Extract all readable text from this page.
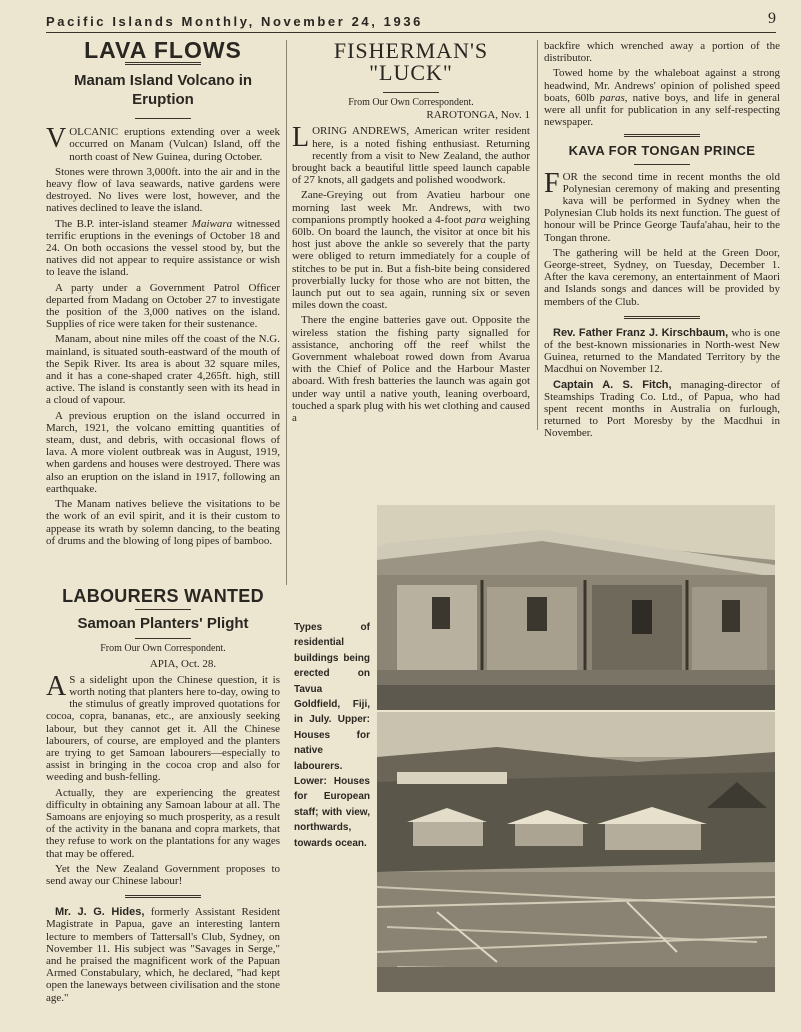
Pacific Islands Monthly, November 24, 1936	9
LAVA FLOWS
Manam Island Volcano in Eruption

VOLCANIC eruptions extending over a week occurred on Manam (Vulcan) Island, off the north coast of New Guinea, during October.

Stones were thrown 3,000ft. into the air and in the heavy flow of lava seawards, native gardens were destroyed. No lives were lost, however, and the natives declined to leave the island.

The B.P. inter-island steamer Maiwara witnessed terrific eruptions in the evenings of October 18 and 24. On both occasions the vessel stood by, but the natives did not appear to require assistance or wish to leave the island.

A party under a Government Patrol Officer departed from Madang on October 27 to investigate the position of the 3,000 natives on the island. Supplies of rice were taken for their sustenance.

Manam, about nine miles off the coast of the N.G. mainland, is situated south-eastward of the mouth of the Sepik River. Its area is about 32 square miles, and it has a cone-shaped crater 4,265ft. high, still active. The island is constantly seen with its head in a cloud of vapour.

A previous eruption on the island occurred in March, 1921, the volcano emitting quantities of steam, dust, and debris, with occasional flows of lava. A more violent outbreak was in August, 1919, when gardens and houses were destroyed. There was also an eruption on the island in 1917, following an earthquake.

The Manam natives believe the visitations to be the work of an evil spirit, and it is their custom to appease its wrath by solemn dancing, to the beating of drums and the blowing of long pipes of bamboo.

LABOURERS WANTED
Samoan Planters' Plight
From Our Own Correspondent.
APIA, Oct. 28.

A S a sidelight upon the Chinese question, it is worth noting that planters here to-day, owing to the stimulus of greatly improved quotations for cocoa, copra, bananas, etc., are anxiously seeking labour, but they cannot get it. All the Chinese labourers, of course, are employed and the planters are trying to get Samoan labourers—especially to assist in bringing in the cocoa crop and also for weeding and bush-felling.

Actually, they are experiencing the greatest difficulty in obtaining any Samoan labour at all. The Samoans are enjoying so much prosperity, as a result of the activity in the banana and copra markets, that they refuse to work on the plantations for any wages that may be offered.

Yet the New Zealand Government proposes to send away our Chinese labour!

Mr. J. G. Hides, formerly Assistant Resident Magistrate in Papua, gave an interesting lantern lecture to members of Tattersall's Club, Sydney, on November 11. His subject was "Savages in Serge," and he praised the magnificent work of the Papuan Armed Constabulary, which, he declared, "had kept open the laneways between civilisation and the stone age."

FISHERMAN'S
"LUCK"
From Our Own Correspondent.
RAROTONGA, Nov. 1

LORING ANDREWS, American writer resident here, is a noted fishing enthusiast. Returning recently from a visit to New Zealand, the author brought back a beautiful little speed launch capable of 27 knots, all gadgets and polished woodwork.

Zane-Greying out from Avatieu harbour one morning last week Mr. Andrews, with two companions promptly hooked a 4-foot para weighing 60lb. On board the launch, the visitor at once bit his host just above the ankle so severely that the party were obliged to return immediately for a couple of stitches to be put in. But a fish-bite being considered proverbially lucky for those who are not bitten, the launch put out to sea again, running six or seven miles down the coast.

There the engine batteries gave out. Opposite the wireless station the fishing party signalled for assistance, anchoring off the reef whilst the Government whaleboat rowed down from Avarua with the Chief of Police and the Harbour Master aboard. With fresh batteries the launch was again got under way until a native youth, leaning overboard, touched a spark plug with his wet clothing and caused a

backfire which wrenched away a portion of the distributor.

Towed home by the whaleboat against a strong headwind, Mr. Andrews' opinion of polished speed boats, 60lb paras, native boys, and life in general were all unfit for publication in any self-respecting newspaper.

KAVA FOR TONGAN PRINCE

FOR the second time in recent months the old Polynesian ceremony of making and presenting kava will be performed in Sydney when the Polynesian Club holds its next function. The guest of honour will be Prince George Taufa'ahau, heir to the Tongan throne.

The gathering will be held at the Green Door, George-street, Sydney, on Tuesday, December 1. After the kava ceremony, an entertainment of Maori and Islands songs and dances will be provided by members of the Club.

Rev. Father Franz J. Kirschbaum, who is one of the best-known missionaries in North-west New Guinea, returned to the Mandated Territory by the Macdhui on November 12.

Captain A. S. Fitch, managing-director of Steamships Trading Co. Ltd., of Papua, who had spent recent months in Australia on furlough, returned to Port Moresby by the Macdhui in November.

Types of residential buildings being erected on Tavua Goldfield, Fiji, in July. Upper: Houses for native labourers. Lower: Houses for European staff; with view, northwards, towards ocean.
